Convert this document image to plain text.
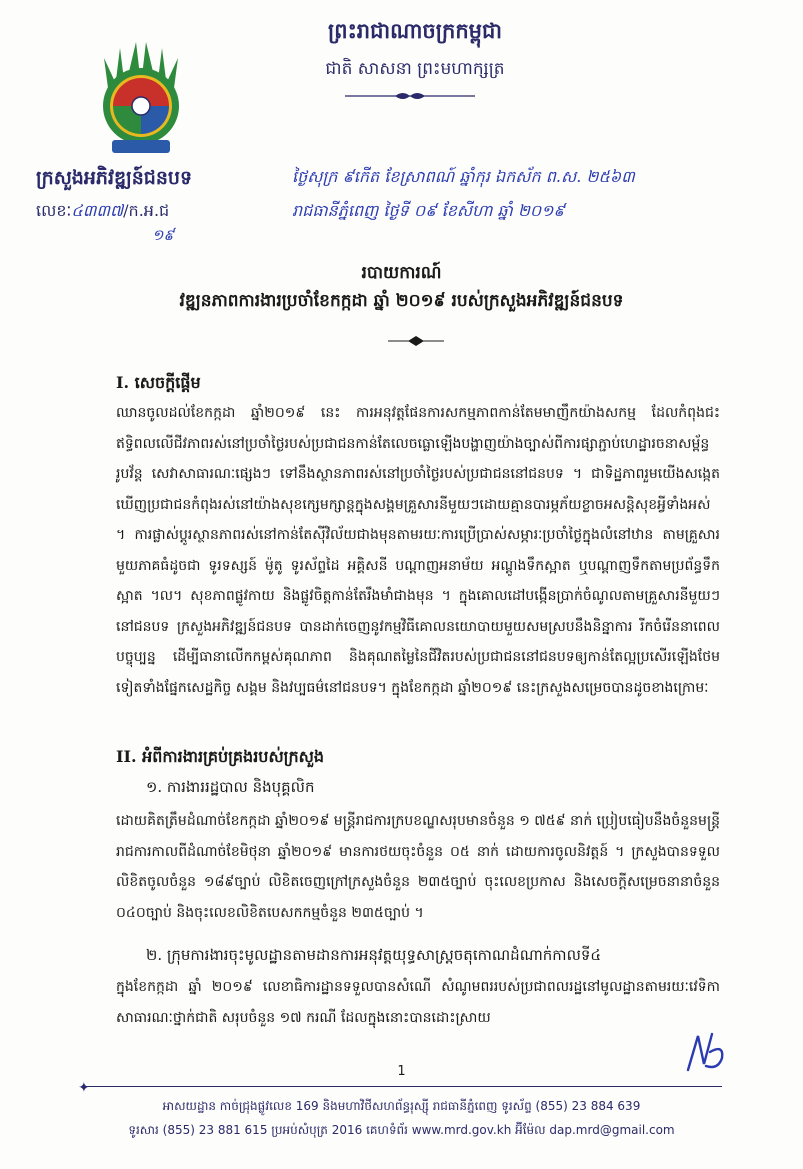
ព្រះរាជាណាចក្រកម្ពុជា
ជាតិ សាសនា ព្រះមហាក្សត្រ
ក្រសួងអភិវឌ្ឍន៍ជនបទ
លេខៈ៤៣៣៧/ក.អ.ជ
១៩
ថ្ងៃសុក្រ ៩កើត ខែស្រាពណ៍ ឆ្នាំកុរ ឯកស័ក ព.ស. ២៥៦៣
រាជធានីភ្នំពេញ ថ្ងៃទី ០៩ ខែសីហា ឆ្នាំ ២០១៩
របាយការណ៍
វឌ្ឍនភាពការងារប្រចាំខែកក្កដា ឆ្នាំ ២០១៩ របស់ក្រសួងអភិវឌ្ឍន៍ជនបទ
I. សេចក្តីផ្តើម
ឈានចូលដល់ខែកក្កដា ឆ្នាំ២០១៩ នេះ ការអនុវត្តផែនការសកម្មភាពកាន់តែមមាញឹកយ៉ាងសកម្ម ដែលកំពុងជះឥទ្ធិពលលើជីវភាពរស់នៅប្រចាំថ្ងៃរបស់ប្រជាជនកាន់តែលេចធ្លោឡើងបង្ហាញយ៉ាងច្បាស់ពីការផ្សាភ្ជាប់ហេដ្ឋារចនាសម្ព័ន្ធរូបវ័ន្ត សេវាសាធារណៈផ្សេងៗ ទៅនឹងស្ថានភាពរស់នៅប្រចាំថ្ងៃរបស់ប្រជាជននៅជនបទ ។ ជាទិដ្ឋភាពរួមយើងសង្កេតឃើញប្រជាជនកំពុងរស់នៅយ៉ាងសុខក្សេមក្សាន្តក្នុងសង្គមគ្រួសារនីមួយៗដោយគ្មានបារម្ភភ័យខ្លាចអសន្តិសុខអ្វីទាំងអស់ ។ ការផ្លាស់ប្តូរស្ថានភាពរស់នៅកាន់តែស៊ីវិល័យជាងមុនតាមរយៈការប្រើប្រាស់សម្ភារៈប្រចាំថ្ងៃក្នុងលំនៅឋាន តាមគ្រួសារមួយភាគធំដូចជា ទូរទស្សន៍ ម៉ូតូ ទូរស័ព្ទដៃ អគ្គិសនី បណ្តាញអនាម័យ អណ្តូងទឹកស្អាត ឬបណ្តាញទឹកតាមប្រព័ន្ធទឹកស្អាត ។ល។ សុខភាពផ្លូវកាយ និងផ្លូវចិត្តកាន់តែរឹងមាំជាងមុន ។ ក្នុងគោលដៅបង្កើនប្រាក់ចំណូលតាមគ្រួសារនីមួយៗនៅជនបទ ក្រសួងអភិវឌ្ឍន៍ជនបទ បានដាក់ចេញនូវកម្មវិធីគោលនយោបាយមួយសមស្របនឹងនិន្នាការ រីកចំរើននាពេលបច្ចុប្បន្ន ដើម្បីធានាលើកកម្ពស់គុណភាព និងគុណតម្លៃនៃជីវិតរបស់ប្រជាជននៅជនបទឲ្យកាន់តែល្អប្រសើរឡើងថែមទៀតទាំងផ្នែកសេដ្ឋកិច្ច សង្គម និងវប្បធម៌នៅជនបទ។ ក្នុងខែកក្កដា ឆ្នាំ២០១៩ នេះក្រសួងសម្រេចបានដូចខាងក្រោមៈ
II. អំពីការងារគ្រប់គ្រងរបស់ក្រសួង
១. ការងាររដ្ឋបាល និងបុគ្គលិក
ដោយគិតត្រឹមដំណាច់ខែកក្កដា ឆ្នាំ២០១៩ មន្ត្រីរាជការក្របខណ្ឌសរុបមានចំនួន ១ ៧៥៩ នាក់ ប្រៀបធៀបនឹងចំនួនមន្ត្រីរាជការកាលពីដំណាច់ខែមិថុនា ឆ្នាំ២០១៩ មានការថយចុះចំនួន ០៥ នាក់ ដោយការចូលនិវត្តន៍ ។ ក្រសួងបានទទួលលិខិតចូលចំនួន ១៨៩ច្បាប់ លិខិតចេញក្រៅក្រសួងចំនួន ២៣៥ច្បាប់ ចុះលេខប្រកាស និងសេចក្តីសម្រេចនានាចំនួន ០៤០ច្បាប់ និងចុះលេខលិខិតបេសកកម្មចំនួន ២៣៥ច្បាប់ ។
២. ក្រុមការងារចុះមូលដ្ឋានតាមដានការអនុវត្តយុទ្ធសាស្ត្រចតុកោណដំណាក់កាលទី៤
ក្នុងខែកក្កដា ឆ្នាំ ២០១៩ លេខាធិការដ្ឋានទទួលបានសំណើ សំណូមពររបស់ប្រជាពលរដ្ឋនៅមូលដ្ឋានតាមរយៈវេទិកាសាធារណៈថ្នាក់ជាតិ សរុបចំនួន ១៧ ករណី ដែលក្នុងនោះបានដោះស្រាយ
1
✦
អាសយដ្ឋាន កាច់ជ្រុងផ្លូវលេខ 169 និងមហាវិថីសហព័ន្ធរុស្ស៊ី រាជធានីភ្នំពេញ ទូរស័ព្ទ (855) 23 884 639
ទូរសារ (855) 23 881 615 ប្រអប់សំបុត្រ 2016 គេហទំព័រ www.mrd.gov.kh អ៊ីម៉ែល dap.mrd@gmail.com
